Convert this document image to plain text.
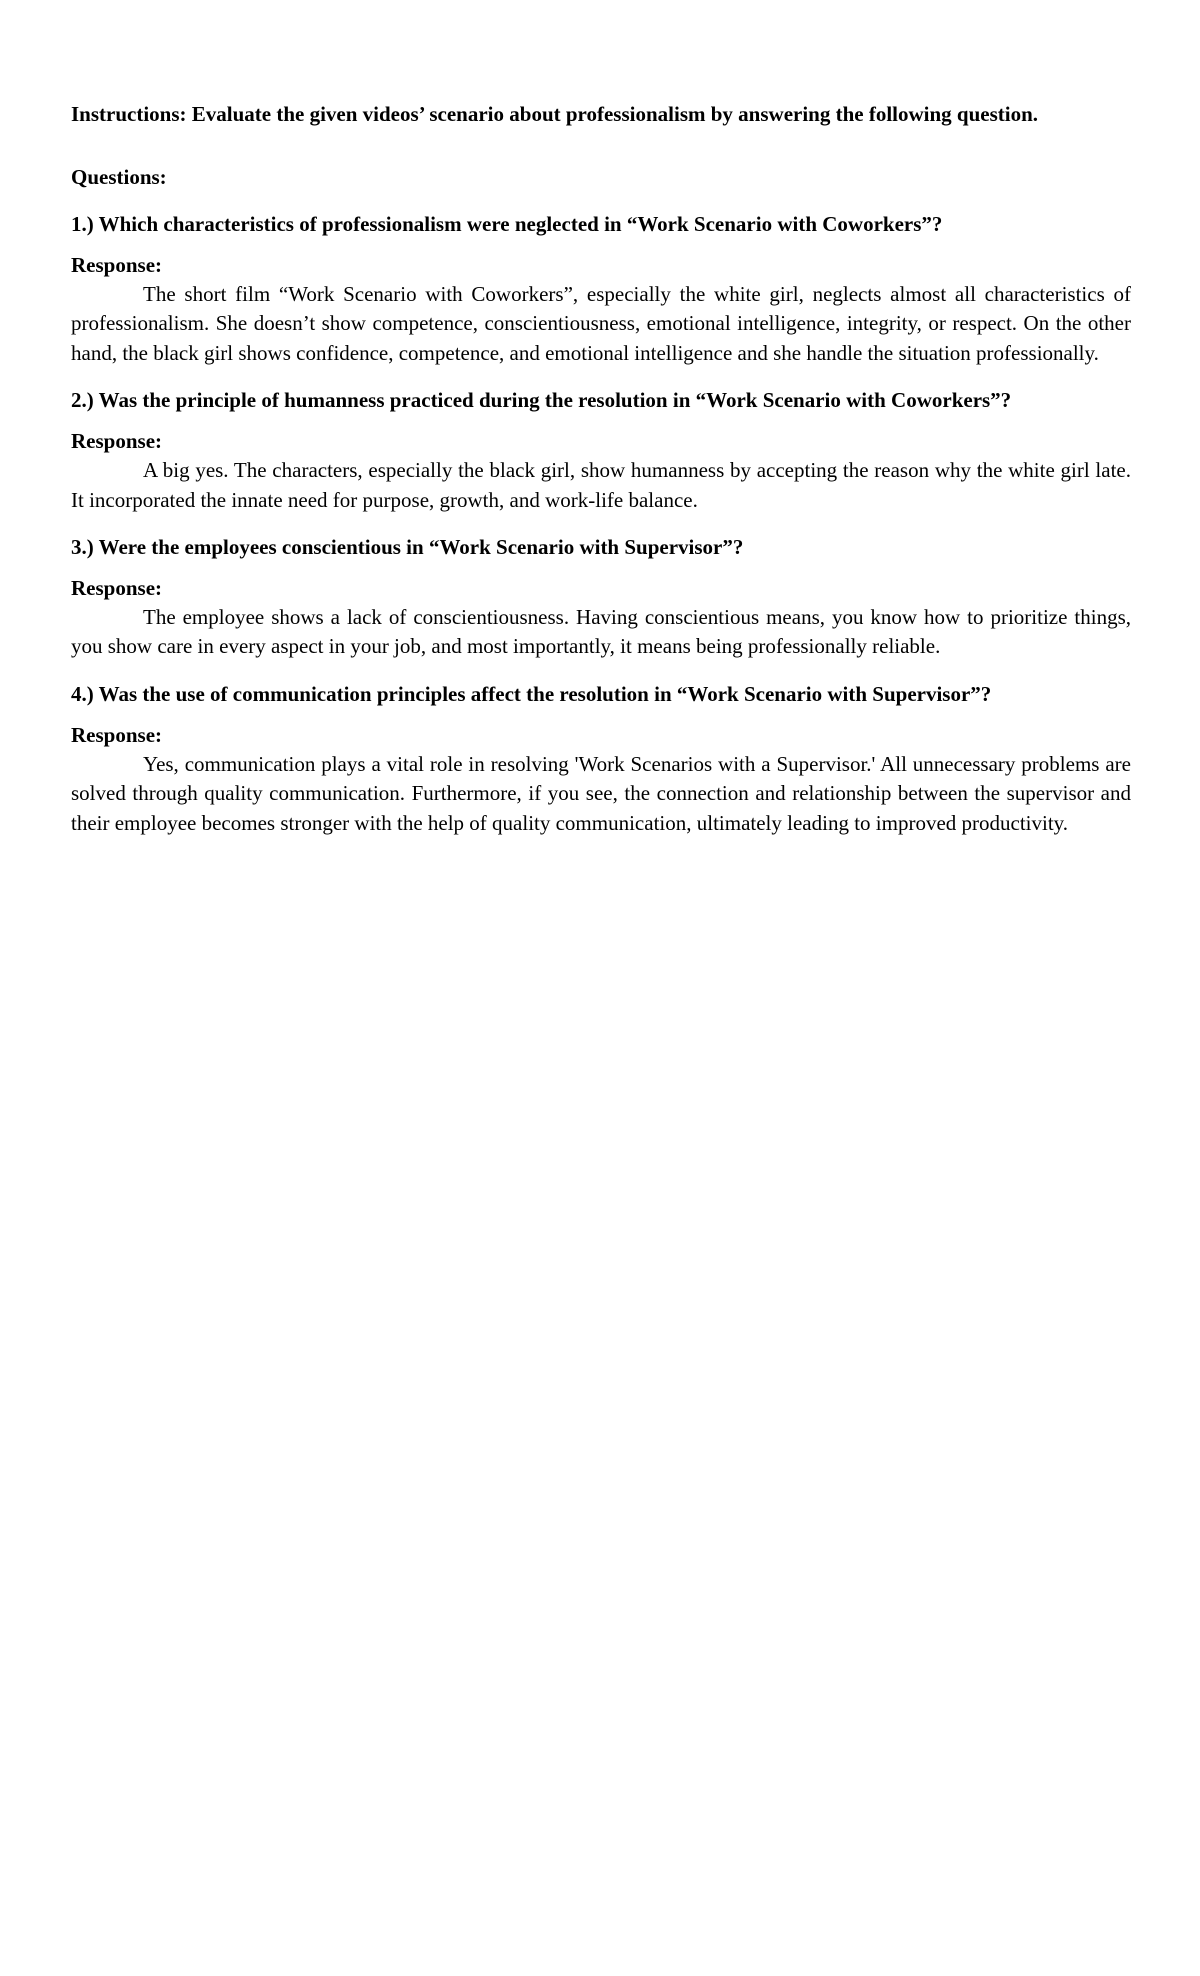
Instructions: Evaluate the given videos’ scenario about professionalism by answering the following question.

Questions:

1.) Which characteristics of professionalism were neglected in “Work Scenario with Coworkers”?

Response:

The short film “Work Scenario with Coworkers”, especially the white girl, neglects almost all characteristics of professionalism. She doesn’t show competence, conscientiousness, emotional intelligence, integrity, or respect. On the other hand, the black girl shows confidence, competence, and emotional intelligence and she handle the situation professionally.

2.) Was the principle of humanness practiced during the resolution in “Work Scenario with Coworkers”?

Response:

A big yes. The characters, especially the black girl, show humanness by accepting the reason why the white girl late. It incorporated the innate need for purpose, growth, and work-life balance.

3.) Were the employees conscientious in “Work Scenario with Supervisor”?

Response:

The employee shows a lack of conscientiousness. Having conscientious means, you know how to prioritize things, you show care in every aspect in your job, and most importantly, it means being professionally reliable.

4.) Was the use of communication principles affect the resolution in “Work Scenario with Supervisor”?

Response:

Yes, communication plays a vital role in resolving 'Work Scenarios with a Supervisor.' All unnecessary problems are solved through quality communication. Furthermore, if you see, the connection and relationship between the supervisor and their employee becomes stronger with the help of quality communication, ultimately leading to improved productivity.
